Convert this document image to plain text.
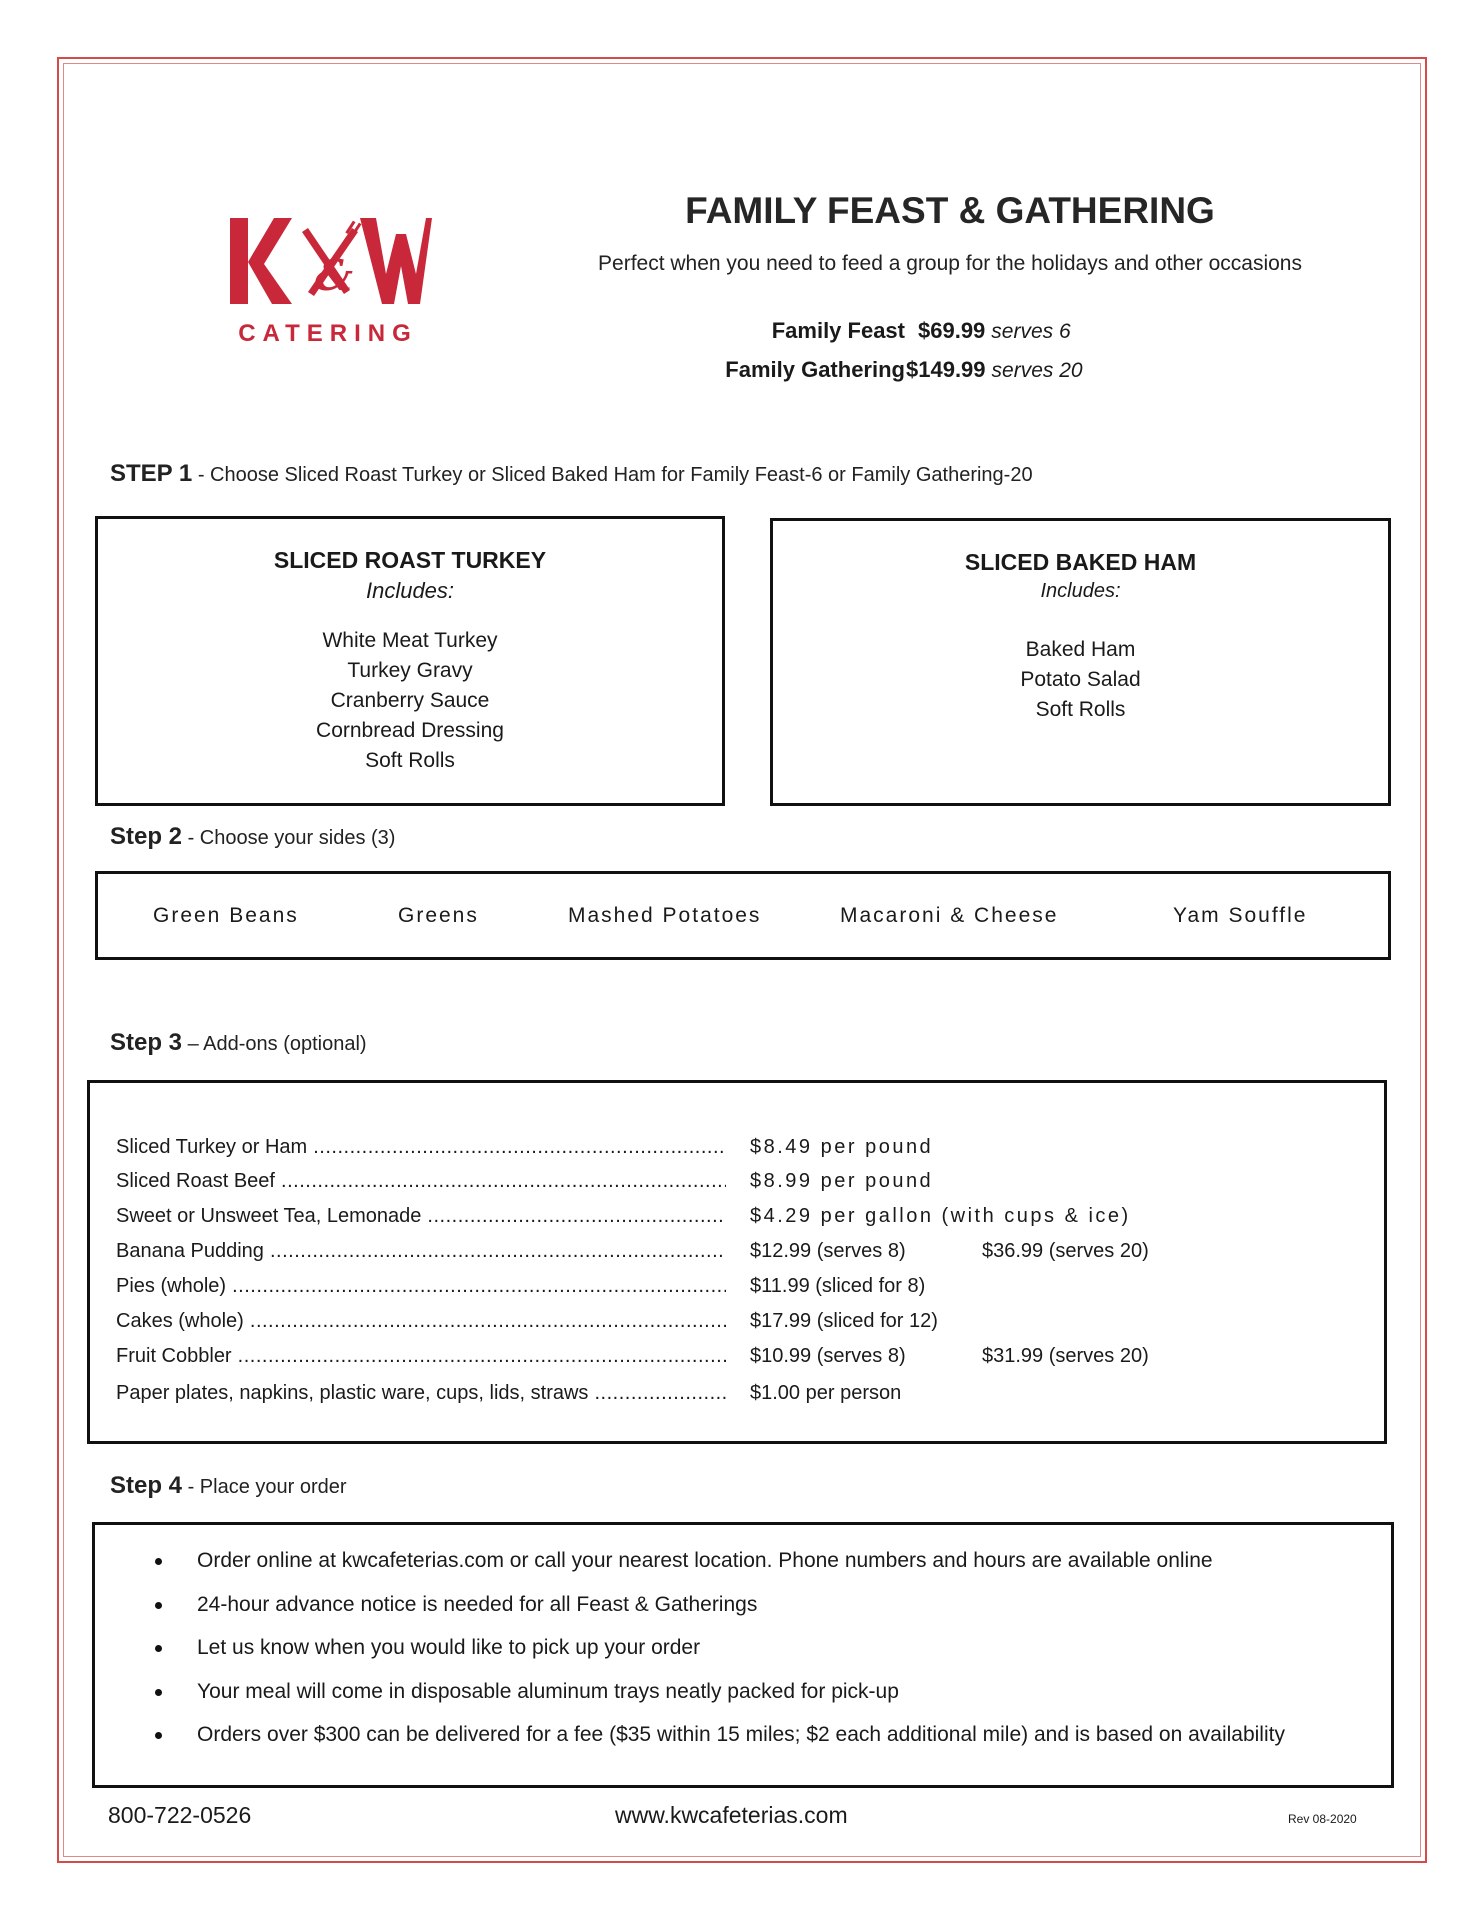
&
CATERING
FAMILY FEAST & GATHERING
Perfect when you need to feed a group for the holidays and other occasions
Family Feast $69.99 serves 6
Family Gathering $149.99 serves 20
STEP 1 - Choose Sliced Roast Turkey or Sliced Baked Ham for Family Feast-6 or Family Gathering-20
SLICED ROAST TURKEY
Includes:
White Meat Turkey
Turkey Gravy
Cranberry Sauce
Cornbread Dressing
Soft Rolls
SLICED BAKED HAM
Includes:
Baked Ham
Potato Salad
Soft Rolls
Step 2 - Choose your sides (3)
Green Beans	Greens	Mashed Potatoes	Macaroni & Cheese	Yam Souffle
Step 3 – Add-ons (optional)
Sliced Turkey or Ham .....	$8.49 per pound
Sliced Roast Beef .....	$8.99 per pound
Sweet or Unsweet Tea, Lemonade .....	$4.29 per gallon (with cups & ice)
Banana Pudding .....	$12.99 (serves 8)	$36.99 (serves 20)
Pies (whole) .....	$11.99 (sliced for 8)
Cakes (whole) .....	$17.99 (sliced for 12)
Fruit Cobbler .....	$10.99 (serves 8)	$31.99 (serves 20)
Paper plates, napkins, plastic ware, cups, lids, straws .....	$1.00 per person
Step 4 - Place your order
Order online at kwcafeterias.com or call your nearest location. Phone numbers and hours are available online
24-hour advance notice is needed for all Feast & Gatherings
Let us know when you would like to pick up your order
Your meal will come in disposable aluminum trays neatly packed for pick-up
Orders over $300 can be delivered for a fee ($35 within 15 miles; $2 each additional mile) and is based on availability
800-722-0526	www.kwcafeterias.com	Rev 08-2020
